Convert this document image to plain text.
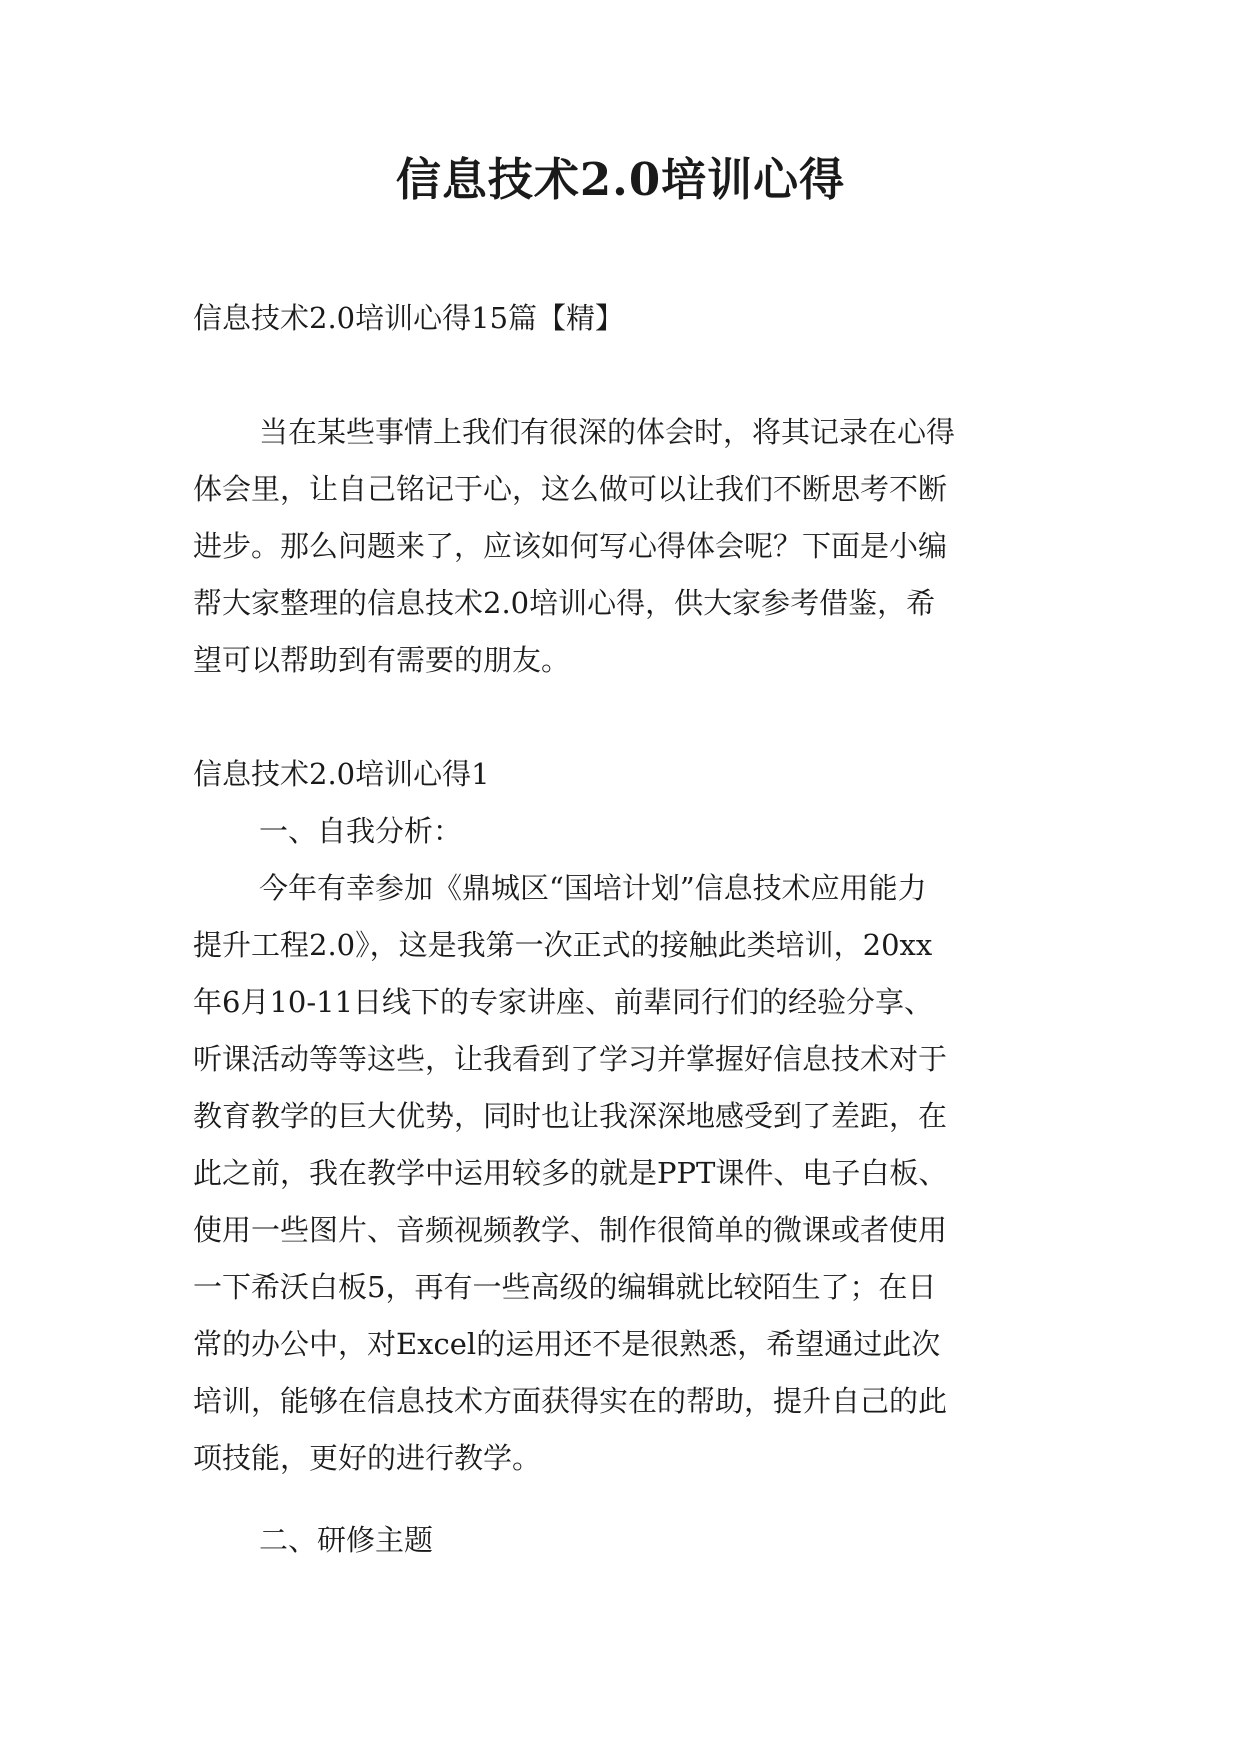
信息技术2.0培训心得
信息技术2.0培训心得15篇【精】
当在某些事情上我们有很深的体会时，将其记录在心得
体会里，让自己铭记于心，这么做可以让我们不断思考不断
进步。那么问题来了，应该如何写心得体会呢？下面是小编
帮大家整理的信息技术2.0培训心得，供大家参考借鉴，希
望可以帮助到有需要的朋友。
信息技术2.0培训心得1
一、自我分析：
今年有幸参加《鼎城区“国培计划”信息技术应用能力
提升工程2.0》，这是我第一次正式的接触此类培训，20xx
年6月10-11日线下的专家讲座、前辈同行们的经验分享、
听课活动等等这些，让我看到了学习并掌握好信息技术对于
教育教学的巨大优势，同时也让我深深地感受到了差距，在
此之前，我在教学中运用较多的就是PPT课件、电子白板、
使用一些图片、音频视频教学、制作很简单的微课或者使用
一下希沃白板5，再有一些高级的编辑就比较陌生了；在日
常的办公中，对Excel的运用还不是很熟悉，希望通过此次
培训，能够在信息技术方面获得实在的帮助，提升自己的此
项技能，更好的进行教学。
二、研修主题
